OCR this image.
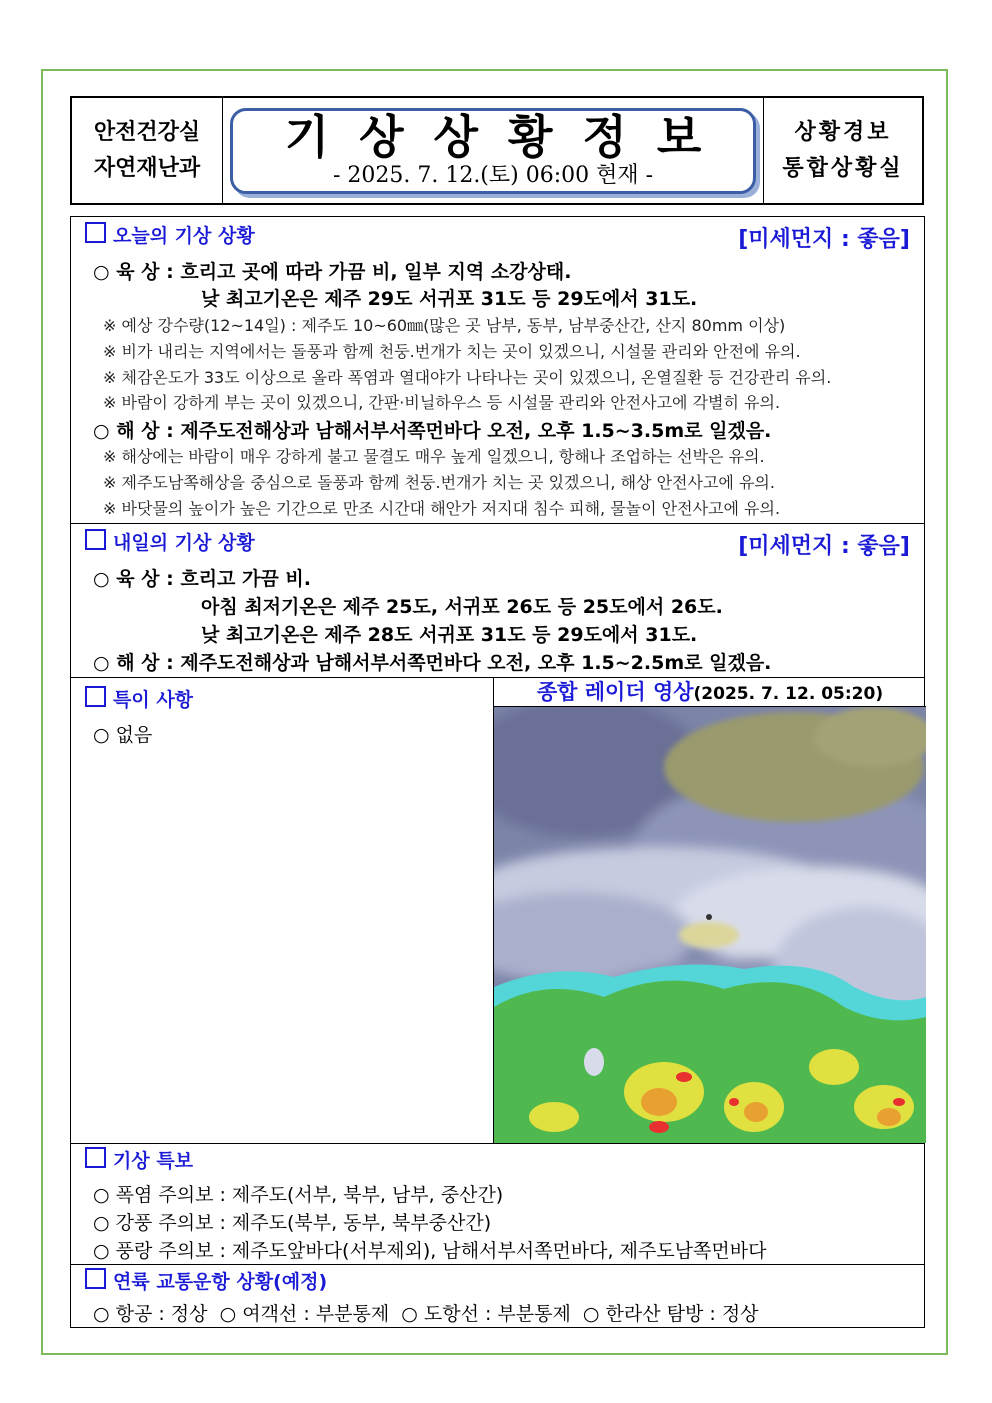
안전건강실
자연재난과
기상상황정보
- 2025. 7. 12.(토) 06:00 현재 -
상황경보
통합상황실
오늘의 기상 상황	[미세먼지 : 좋음]
○ 육 상 : 흐리고 곳에 따라 가끔 비, 일부 지역 소강상태.
낮 최고기온은 제주 29도 서귀포 31도 등 29도에서 31도.
※ 예상 강수량(12~14일) : 제주도 10~60㎜(많은 곳 남부, 동부, 남부중산간, 산지 80mm 이상)
※ 비가 내리는 지역에서는 돌풍과 함께 천둥.번개가 치는 곳이 있겠으니, 시설물 관리와 안전에 유의.
※ 체감온도가 33도 이상으로 올라 폭염과 열대야가 나타나는 곳이 있겠으니, 온열질환 등 건강관리 유의.
※ 바람이 강하게 부는 곳이 있겠으니, 간판·비닐하우스 등 시설물 관리와 안전사고에 각별히 유의.
○ 해 상 : 제주도전해상과 남해서부서쪽먼바다 오전, 오후 1.5~3.5m로 일겠음.
※ 해상에는 바람이 매우 강하게 불고 물결도 매우 높게 일겠으니, 항해나 조업하는 선박은 유의.
※ 제주도남쪽해상을 중심으로 돌풍과 함께 천둥.번개가 치는 곳 있겠으니, 해상 안전사고에 유의.
※ 바닷물의 높이가 높은 기간으로 만조 시간대 해안가 저지대 침수 피해, 물놀이 안전사고에 유의.
내일의 기상 상황	[미세먼지 : 좋음]
○ 육 상 : 흐리고 가끔 비.
아침 최저기온은 제주 25도, 서귀포 26도 등 25도에서 26도.
낮 최고기온은 제주 28도 서귀포 31도 등 29도에서 31도.
○ 해 상 : 제주도전해상과 남해서부서쪽먼바다 오전, 오후 1.5~2.5m로 일겠음.
특이 사항
○ 없음
종합 레이더 영상(2025. 7. 12. 05:20)
기상 특보
○ 폭염 주의보 : 제주도(서부, 북부, 남부, 중산간)
○ 강풍 주의보 : 제주도(북부, 동부, 북부중산간)
○ 풍랑 주의보 : 제주도앞바다(서부제외), 남해서부서쪽먼바다, 제주도남쪽먼바다
연륙 교통운항 상황(예정)
○ 항공 : 정상  ○ 여객선 : 부분통제  ○ 도항선 : 부분통제  ○ 한라산 탐방 : 정상
